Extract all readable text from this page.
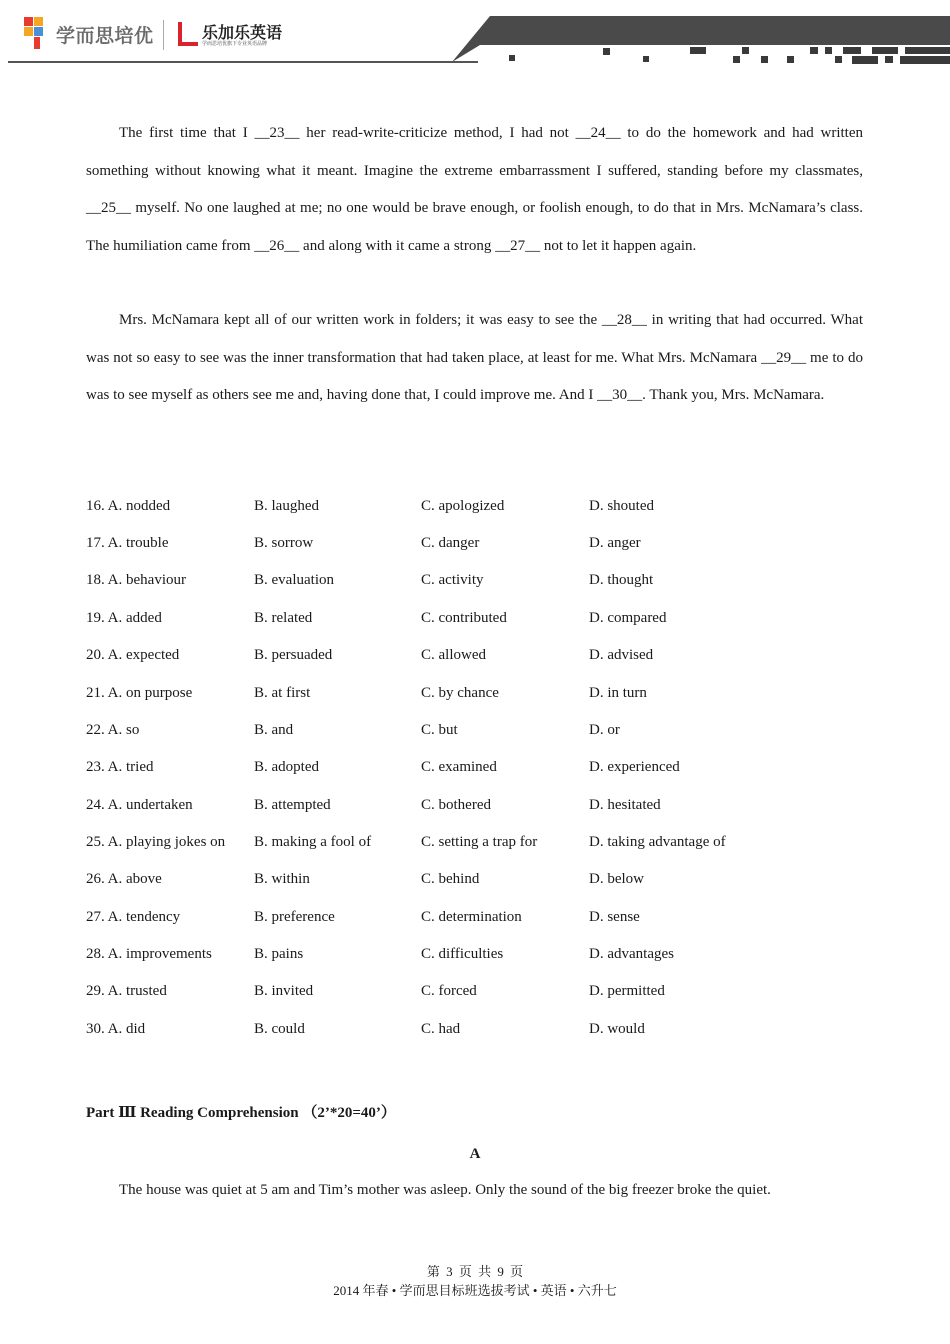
学而思培优	乐加乐英语
学而思培优旗下专业英语品牌

The first time that I __23__ her read-write-criticize method, I had not __24__ to do the homework and had written something without knowing what it meant. Imagine the extreme embarrassment I suffered, standing before my classmates, __25__ myself. No one laughed at me; no one would be brave enough, or foolish enough, to do that in Mrs. McNamara’s class. The humiliation came from __26__ and along with it came a strong __27__ not to let it happen again.

Mrs. McNamara kept all of our written work in folders; it was easy to see the __28__ in writing that had occurred. What was not so easy to see was the inner transformation that had taken place, at least for me. What Mrs. McNamara __29__ me to do was to see myself as others see me and, having done that, I could improve me. And I __30__. Thank you, Mrs. McNamara.

16. A. nodded	B. laughed	C. apologized	D. shouted
17. A. trouble	B. sorrow	C. danger	D. anger
18. A. behaviour	B. evaluation	C. activity	D. thought
19. A. added	B. related	C. contributed	D. compared
20. A. expected	B. persuaded	C. allowed	D. advised
21. A. on purpose	B. at first	C. by chance	D. in turn
22. A. so	B. and	C. but	D. or
23. A. tried	B. adopted	C. examined	D. experienced
24. A. undertaken	B. attempted	C. bothered	D. hesitated
25. A. playing jokes on B. making a fool of	C. setting a trap for	D. taking advantage of
26. A. above	B. within	C. behind	D. below
27. A. tendency	B. preference	C. determination	D. sense
28. A. improvements	B. pains	C. difficulties	D. advantages
29. A. trusted	B. invited	C. forced	D. permitted
30. A. did	B. could	C. had	D. would
Part Ⅲ Reading Comprehension （2’*20=40’）
A

The house was quiet at 5 am and Tim’s mother was asleep. Only the sound of the big freezer broke the quiet.

第 3 页 共 9 页
2014 年春 • 学而思目标班选拔考试 • 英语 • 六升七
